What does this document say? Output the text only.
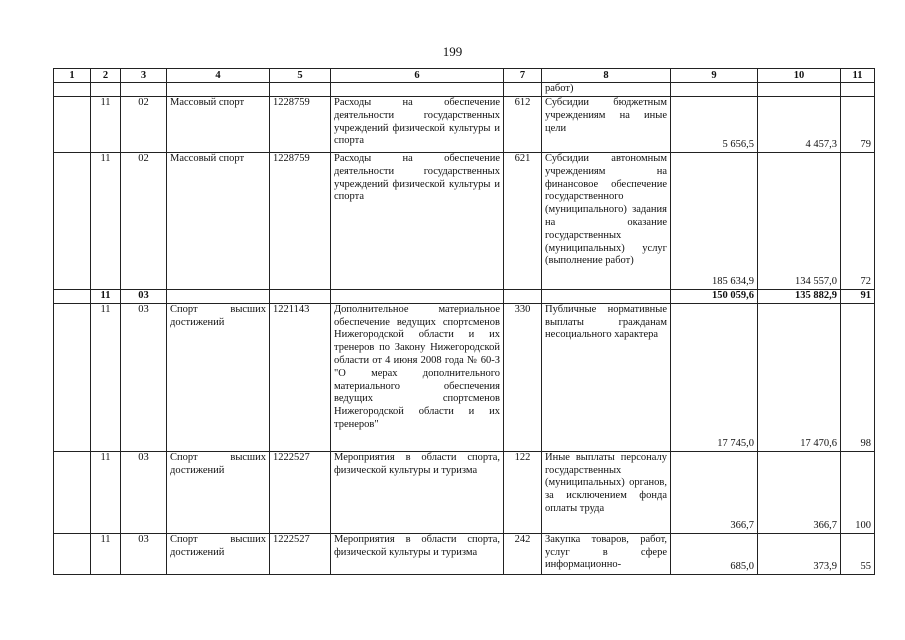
199
1	2	3	4	5	6	7	8	9	10	11
							работ)			
	11	02	Массовый спорт	1228759	Расходы на обеспечение деятельности государственных учреждений физической культуры и спорта	612	Субсидии бюджетным учреждениям на иные цели	5 656,5	4 457,3	79
	11	02	Массовый спорт	1228759	Расходы на обеспечение деятельности государственных учреждений физической культуры и спорта	621	Субсидии автономным учреждениям на финансовое обеспечение государственного (муниципального) задания на оказание государственных (муниципальных) услуг (выполнение работ)	185 634,9	134 557,0	72
	11	03						150 059,6	135 882,9	91
	11	03	Спорт высших достижений	1221143	Дополнительное материальное обеспечение ведущих спортсменов Нижегородской области и их тренеров по Закону Нижегородской области от 4 июня 2008 года № 60-З "О мерах дополнительного материального обеспечения ведущих спортсменов Нижегородской области и их тренеров"	330	Публичные нормативные выплаты гражданам несоциального характера	17 745,0	17 470,6	98
	11	03	Спорт высших достижений	1222527	Мероприятия в области спорта, физической культуры и туризма	122	Иные выплаты персоналу государственных (муниципальных) органов, за исключением фонда оплаты труда	366,7	366,7	100
	11	03	Спорт высших достижений	1222527	Мероприятия в области спорта, физической культуры и туризма	242	Закупка товаров, работ, услуг в сфере информационно-	685,0	373,9	55
